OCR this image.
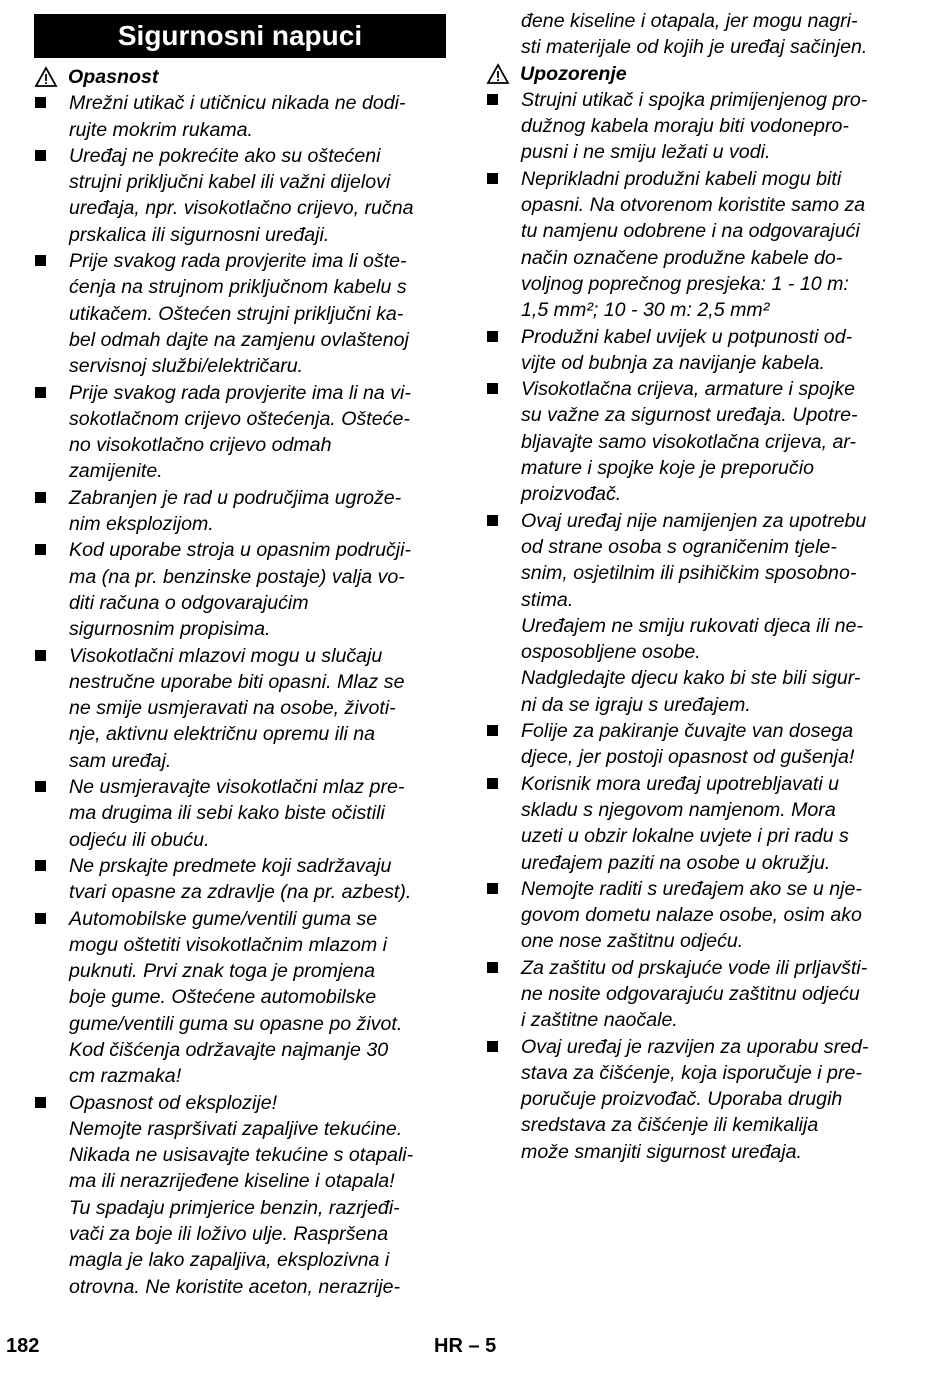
Sigurnosni napuci
Opasnost
Mrežni utikač i utičnicu nikada ne dodi-
rujte mokrim rukama.
Uređaj ne pokrećite ako su oštećeni
strujni priključni kabel ili važni dijelovi
uređaja, npr. visokotlačno crijevo, ručna
prskalica ili sigurnosni uređaji.
Prije svakog rada provjerite ima li ošte-
ćenja na strujnom priključnom kabelu s
utikačem. Oštećen strujni priključni ka-
bel odmah dajte na zamjenu ovlaštenoj
servisnoj službi/električaru.
Prije svakog rada provjerite ima li na vi-
sokotlačnom crijevo oštećenja. Ošteće-
no visokotlačno crijevo odmah
zamijenite.
Zabranjen je rad u područjima ugrože-
nim eksplozijom.
Kod uporabe stroja u opasnim područji-
ma (na pr. benzinske postaje) valja vo-
diti računa o odgovarajućim
sigurnosnim propisima.
Visokotlačni mlazovi mogu u slučaju
nestručne uporabe biti opasni. Mlaz se
ne smije usmjeravati na osobe, životi-
nje, aktivnu električnu opremu ili na
sam uređaj.
Ne usmjeravajte visokotlačni mlaz pre-
ma drugima ili sebi kako biste očistili
odjeću ili obuću.
Ne prskajte predmete koji sadržavaju
tvari opasne za zdravlje (na pr. azbest).
Automobilske gume/ventili guma se
mogu oštetiti visokotlačnim mlazom i
puknuti. Prvi znak toga je promjena
boje gume. Oštećene automobilske
gume/ventili guma su opasne po život.
Kod čišćenja održavajte najmanje 30
cm razmaka!
Opasnost od eksplozije!
Nemojte raspršivati zapaljive tekućine.
Nikada ne usisavajte tekućine s otapali-
ma ili nerazrijeđene kiseline i otapala!
Tu spadaju primjerice benzin, razrjeđi-
vači za boje ili loživo ulje. Raspršena
magla je lako zapaljiva, eksplozivna i
otrovna. Ne koristite aceton, nerazrije-
đene kiseline i otapala, jer mogu nagri-
sti materijale od kojih je uređaj sačinjen.
Upozorenje
Strujni utikač i spojka primijenjenog pro-
dužnog kabela moraju biti vodonepro-
pusni i ne smiju ležati u vodi.
Neprikladni produžni kabeli mogu biti
opasni. Na otvorenom koristite samo za
tu namjenu odobrene i na odgovarajući
način označene produžne kabele do-
voljnog poprečnog presjeka: 1 - 10 m:
1,5 mm²; 10 - 30 m: 2,5 mm²
Produžni kabel uvijek u potpunosti od-
vijte od bubnja za navijanje kabela.
Visokotlačna crijeva, armature i spojke
su važne za sigurnost uređaja. Upotre-
bljavajte samo visokotlačna crijeva, ar-
mature i spojke koje je preporučio
proizvođač.
Ovaj uređaj nije namijenjen za upotrebu
od strane osoba s ograničenim tjele-
snim, osjetilnim ili psihičkim sposobno-
stima.
Uređajem ne smiju rukovati djeca ili ne-
osposobljene osobe.
Nadgledajte djecu kako bi ste bili sigur-
ni da se igraju s uređajem.
Folije za pakiranje čuvajte van dosega
djece, jer postoji opasnost od gušenja!
Korisnik mora uređaj upotrebljavati u
skladu s njegovom namjenom. Mora
uzeti u obzir lokalne uvjete i pri radu s
uređajem paziti na osobe u okružju.
Nemojte raditi s uređajem ako se u nje-
govom dometu nalaze osobe, osim ako
one nose zaštitnu odjeću.
Za zaštitu od prskajuće vode ili prljavšti-
ne nosite odgovarajuću zaštitnu odjeću
i zaštitne naočale.
Ovaj uređaj je razvijen za uporabu sred-
stava za čišćenje, koja isporučuje i pre-
poručuje proizvođač. Uporaba drugih
sredstava za čišćenje ili kemikalija
može smanjiti sigurnost uređaja.
182	HR – 5
